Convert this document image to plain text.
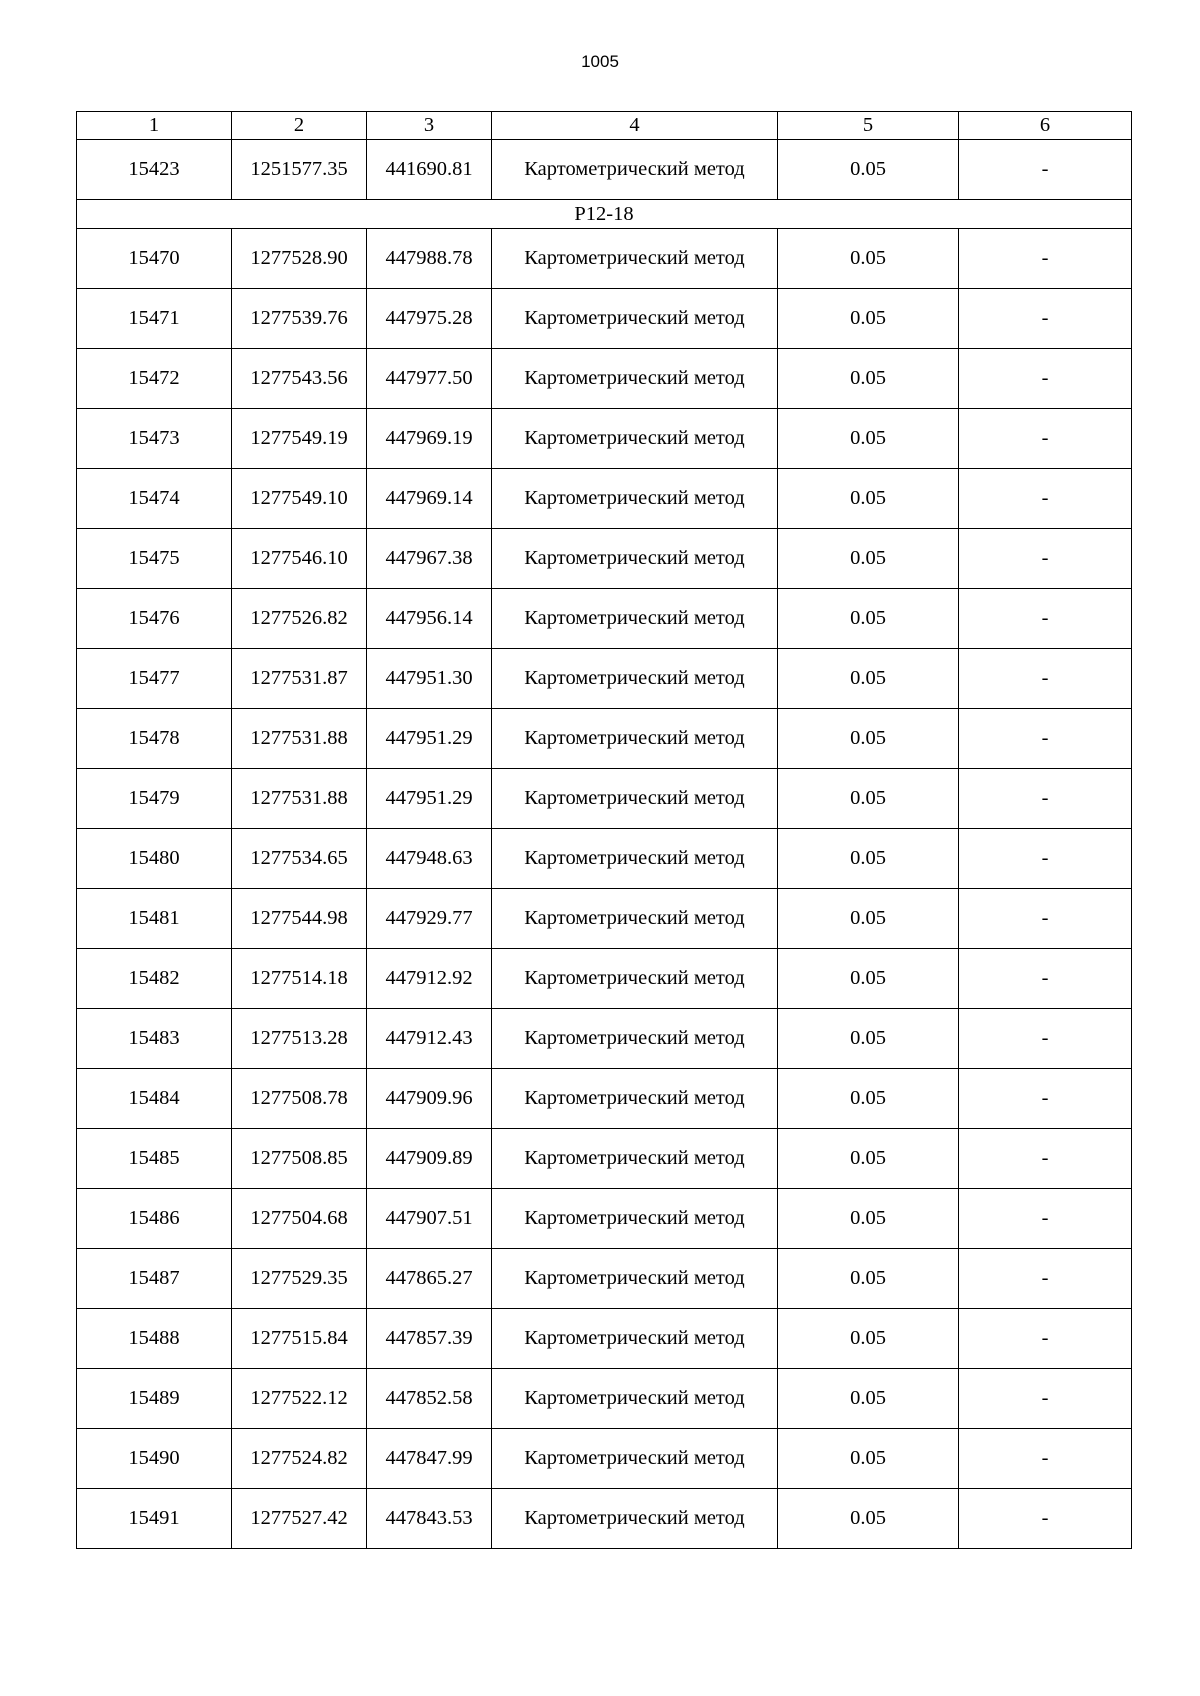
1005
1	2	3	4	5	6
15423	1251577.35	441690.81	Картометрический метод	0.05	-
Р12-18					
15470	1277528.90	447988.78	Картометрический метод	0.05	-
15471	1277539.76	447975.28	Картометрический метод	0.05	-
15472	1277543.56	447977.50	Картометрический метод	0.05	-
15473	1277549.19	447969.19	Картометрический метод	0.05	-
15474	1277549.10	447969.14	Картометрический метод	0.05	-
15475	1277546.10	447967.38	Картометрический метод	0.05	-
15476	1277526.82	447956.14	Картометрический метод	0.05	-
15477	1277531.87	447951.30	Картометрический метод	0.05	-
15478	1277531.88	447951.29	Картометрический метод	0.05	-
15479	1277531.88	447951.29	Картометрический метод	0.05	-
15480	1277534.65	447948.63	Картометрический метод	0.05	-
15481	1277544.98	447929.77	Картометрический метод	0.05	-
15482	1277514.18	447912.92	Картометрический метод	0.05	-
15483	1277513.28	447912.43	Картометрический метод	0.05	-
15484	1277508.78	447909.96	Картометрический метод	0.05	-
15485	1277508.85	447909.89	Картометрический метод	0.05	-
15486	1277504.68	447907.51	Картометрический метод	0.05	-
15487	1277529.35	447865.27	Картометрический метод	0.05	-
15488	1277515.84	447857.39	Картометрический метод	0.05	-
15489	1277522.12	447852.58	Картометрический метод	0.05	-
15490	1277524.82	447847.99	Картометрический метод	0.05	-
15491	1277527.42	447843.53	Картометрический метод	0.05	-
